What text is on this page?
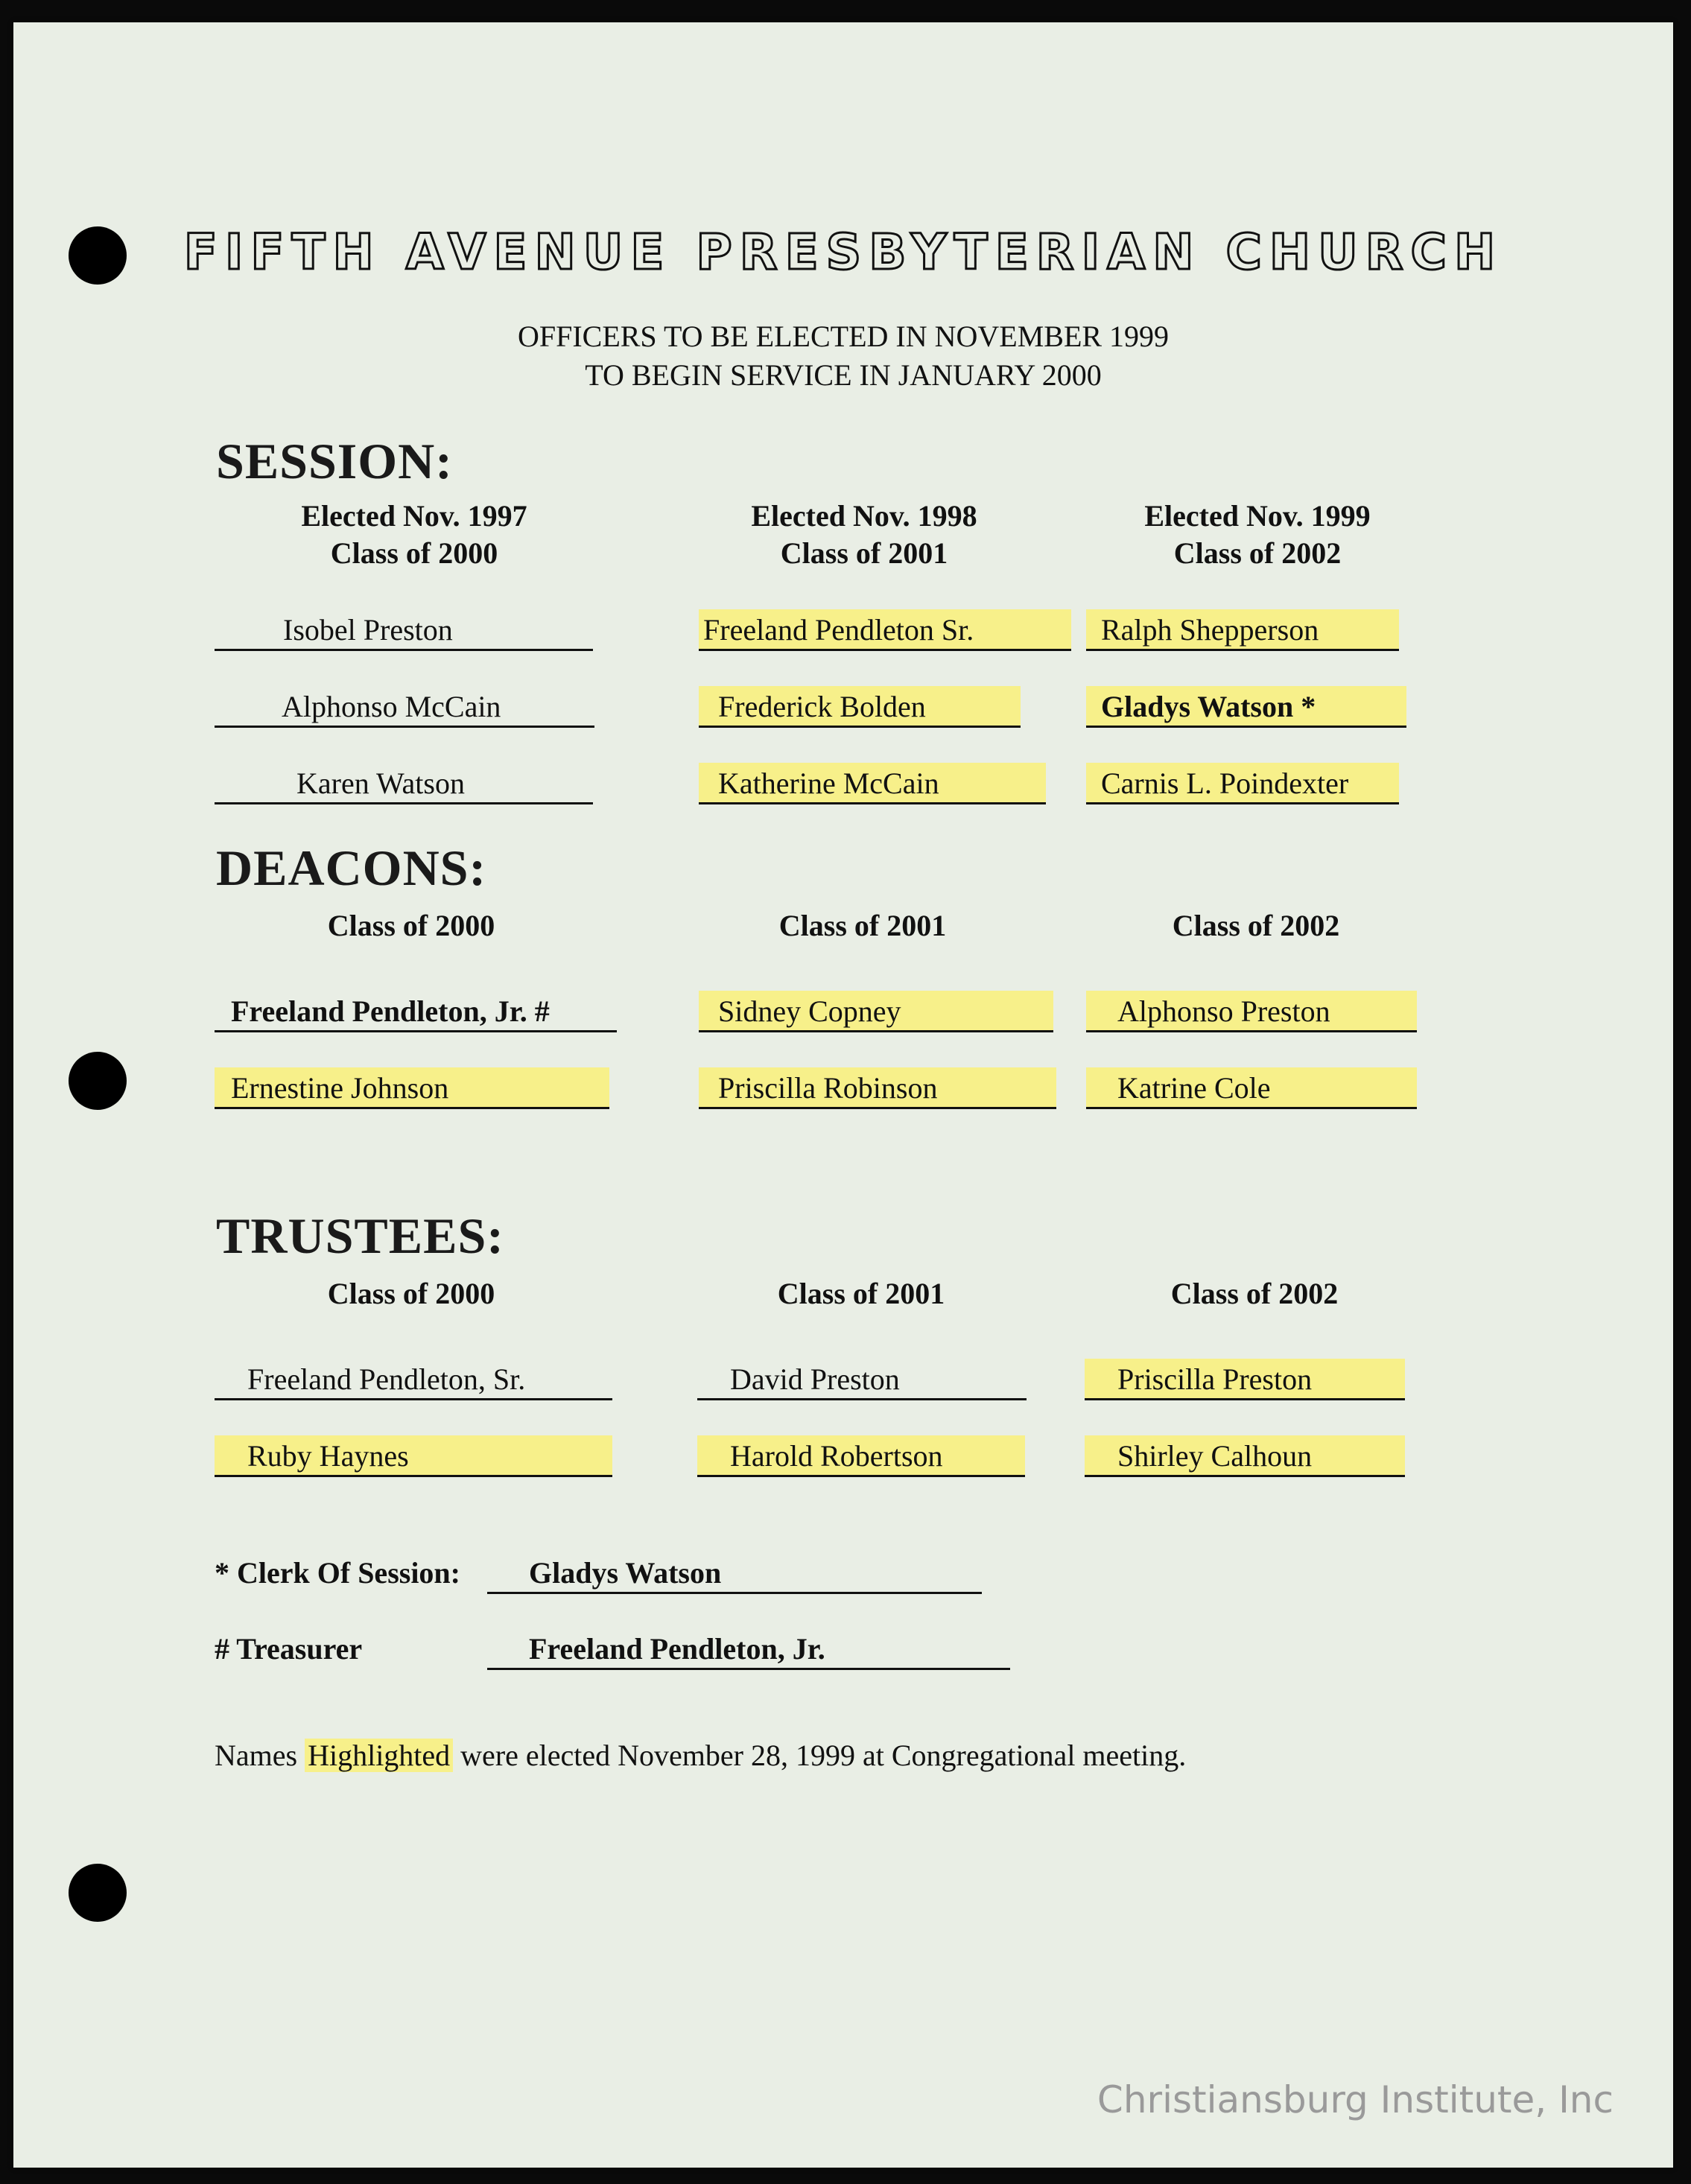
FIFTH AVENUE PRESBYTERIAN CHURCH
OFFICERS TO BE ELECTED IN NOVEMBER 1999
TO BEGIN SERVICE IN JANUARY 2000
SESSION:
Elected Nov. 1997
Class of 2000
Elected Nov. 1998
Class of 2001
Elected Nov. 1999
Class of 2002
Isobel Preston	Freeland Pendleton Sr.	Ralph Shepperson
Alphonso McCain	Frederick Bolden	Gladys Watson *
Karen Watson	Katherine McCain	Carnis L. Poindexter
DEACONS:
Class of 2000	Class of 2001	Class of 2002
Freeland Pendleton, Jr. #	Sidney Copney	Alphonso Preston
Ernestine Johnson	Priscilla Robinson	Katrine Cole
TRUSTEES:
Class of 2000	Class of 2001	Class of 2002
Freeland Pendleton, Sr.	David Preston	Priscilla Preston
Ruby Haynes	Harold Robertson	Shirley Calhoun
* Clerk Of Session:	Gladys Watson
# Treasurer	Freeland Pendleton, Jr.
Names Highlighted were elected November 28, 1999 at Congregational meeting.
Christiansburg Institute, Inc
